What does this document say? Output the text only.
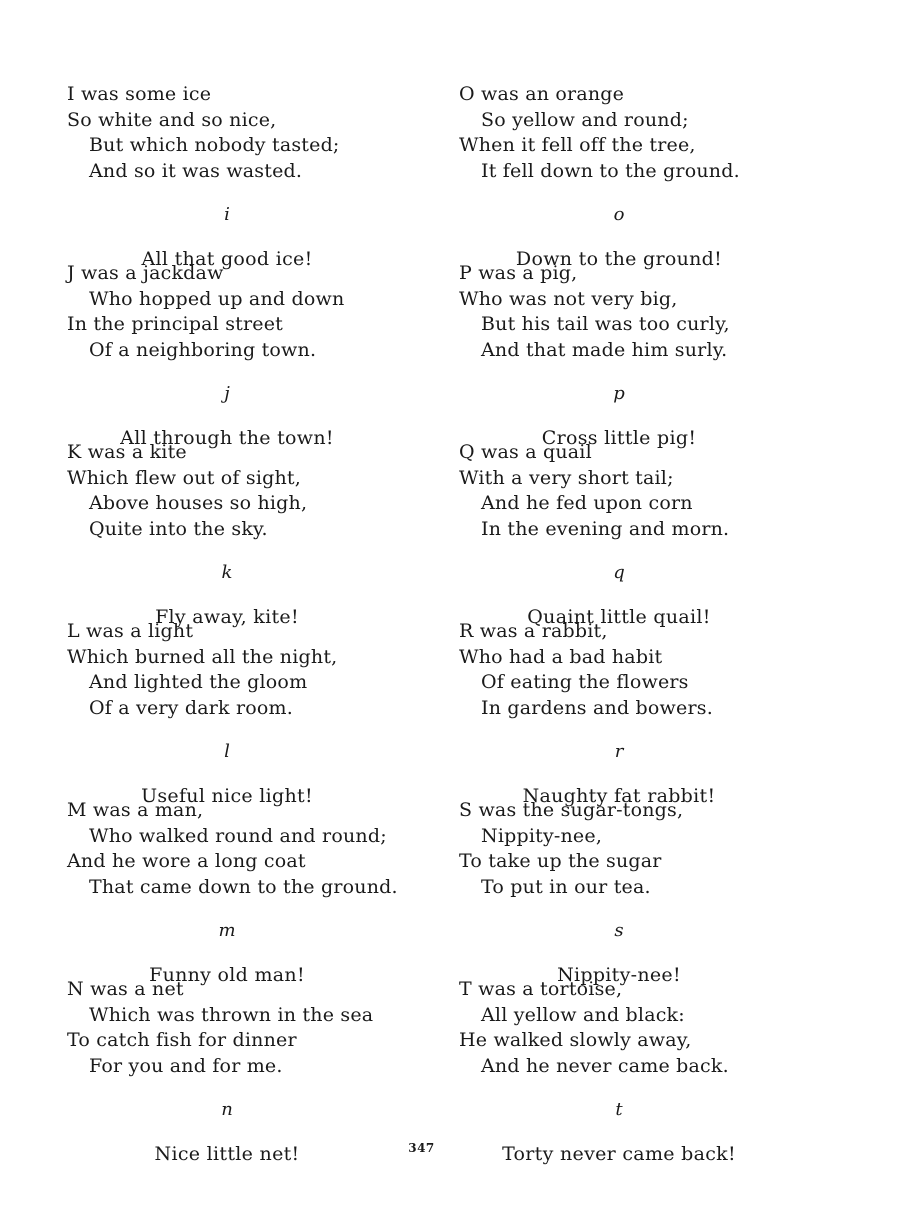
I was some ice

So white and so nice,

But which nobody tasted;

And so it was wasted.

i

All that good ice!

J was a jackdaw

Who hopped up and down

In the principal street

Of a neighboring town.

j

All through the town!

K was a kite

Which flew out of sight,

Above houses so high,

Quite into the sky.

k

Fly away, kite!

L was a light

Which burned all the night,

And lighted the gloom

Of a very dark room.

l

Useful nice light!

M was a man,

Who walked round and round;

And he wore a long coat

That came down to the ground.

m

Funny old man!

N was a net

Which was thrown in the sea

To catch fish for dinner

For you and for me.

n

Nice little net!

O was an orange

So yellow and round;

When it fell off the tree,

It fell down to the ground.

o

Down to the ground!

P was a pig,

Who was not very big,

But his tail was too curly,

And that made him surly.

p

Cross little pig!

Q was a quail

With a very short tail;

And he fed upon corn

In the evening and morn.

q

Quaint little quail!

R was a rabbit,

Who had a bad habit

Of eating the flowers

In gardens and bowers.

r

Naughty fat rabbit!

S was the sugar-tongs,

Nippity-nee,

To take up the sugar

To put in our tea.

s

Nippity-nee!

T was a tortoise,

All yellow and black:

He walked slowly away,

And he never came back.

t

Torty never came back!

347
